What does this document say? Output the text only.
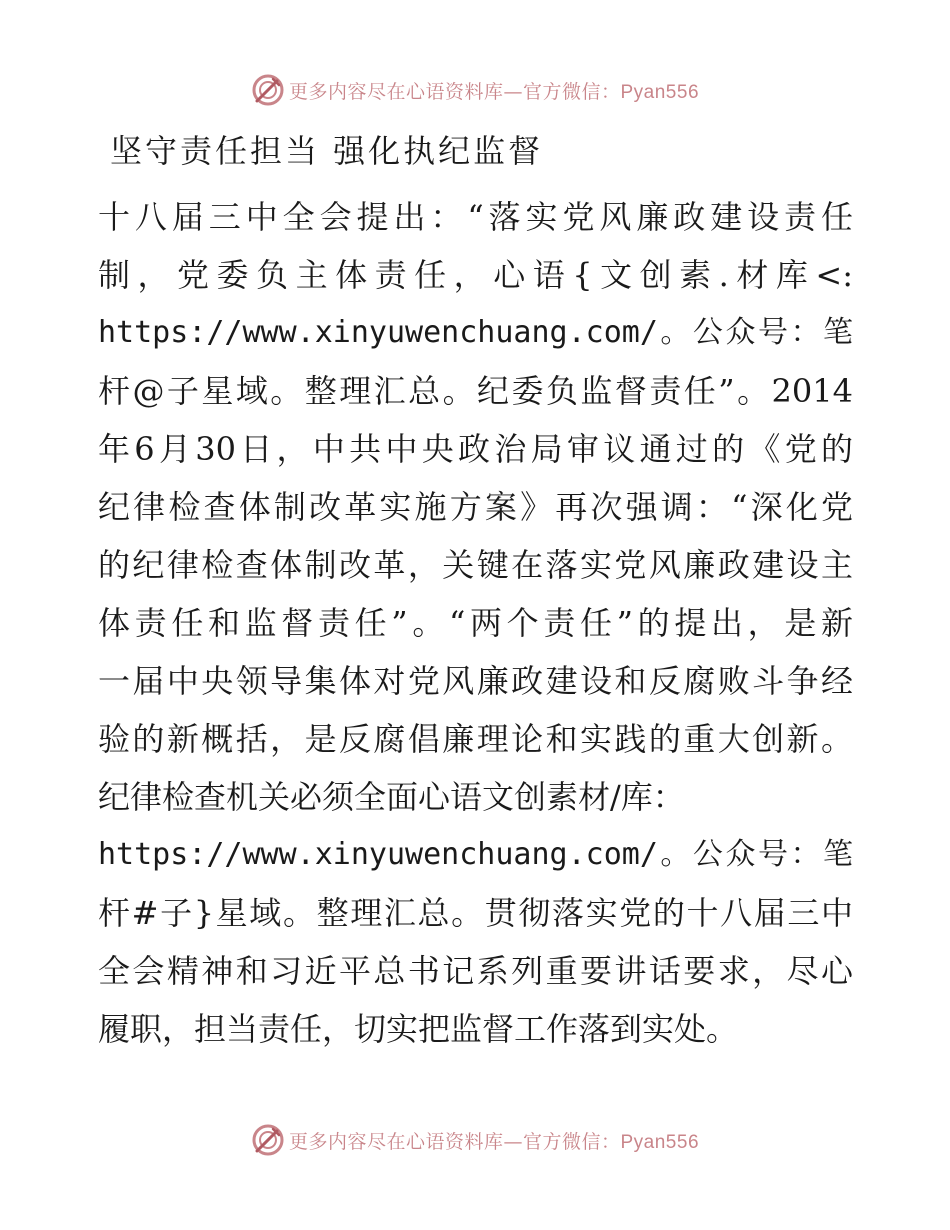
更多内容尽在心语资料库—官方微信：Pyan556
坚守责任担当 强化执纪监督
十八届三中全会提出：“落实党风廉政建设责任
制，党委负主体责任，心语{文创素.材库<:
https://www.xinyuwenchuang.com/。公众号：笔
杆@子星域。整理汇总。纪委负监督责任”。2014
年6月30日，中共中央政治局审议通过的《党的
纪律检查体制改革实施方案》再次强调：“深化党
的纪律检查体制改革，关键在落实党风廉政建设主
体责任和监督责任”。“两个责任”的提出，是新
一届中央领导集体对党风廉政建设和反腐败斗争经
验的新概括，是反腐倡廉理论和实践的重大创新。
纪律检查机关必须全面心语文创素材/库：
https://www.xinyuwenchuang.com/。公众号：笔
杆#子}星域。整理汇总。贯彻落实党的十八届三中
全会精神和习近平总书记系列重要讲话要求，尽心
履职，担当责任，切实把监督工作落到实处。
更多内容尽在心语资料库—官方微信：Pyan556
